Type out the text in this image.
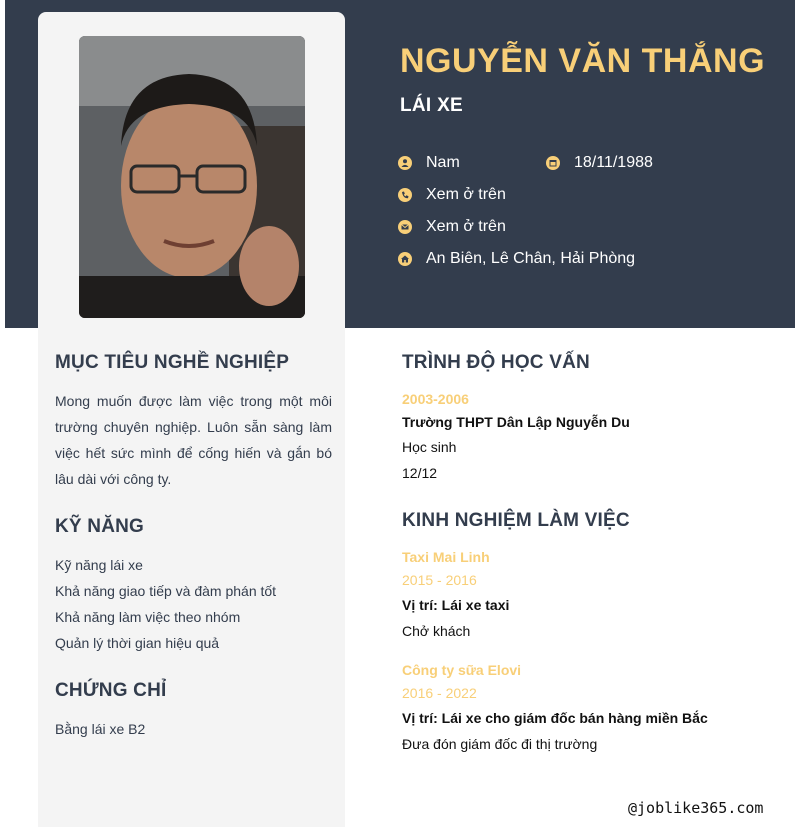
NGUYỄN VĂN THẮNG
LÁI XE
Nam	18/11/1988
Xem ở trên
Xem ở trên
An Biên, Lê Chân, Hải Phòng
MỤC TIÊU NGHỀ NGHIỆP
Mong muốn được làm việc trong một môi trường chuyên nghiệp. Luôn sẵn sàng làm việc hết sức mình để cống hiến và gắn bó lâu dài với công ty.
KỸ NĂNG
Kỹ năng lái xe
Khả năng giao tiếp và đàm phán tốt
Khả năng làm việc theo nhóm
Quản lý thời gian hiệu quả
CHỨNG CHỈ
Bằng lái xe B2
TRÌNH ĐỘ HỌC VẤN
2003-2006
Trường THPT Dân Lập Nguyễn Du
Học sinh
12/12
KINH NGHIỆM LÀM VIỆC
Taxi Mai Linh
2015 - 2016
Vị trí: Lái xe taxi
Chở khách
Công ty sữa Elovi
2016 - 2022
Vị trí: Lái xe cho giám đốc bán hàng miền Bắc
Đưa đón giám đốc đi thị trường
@joblike365.com
